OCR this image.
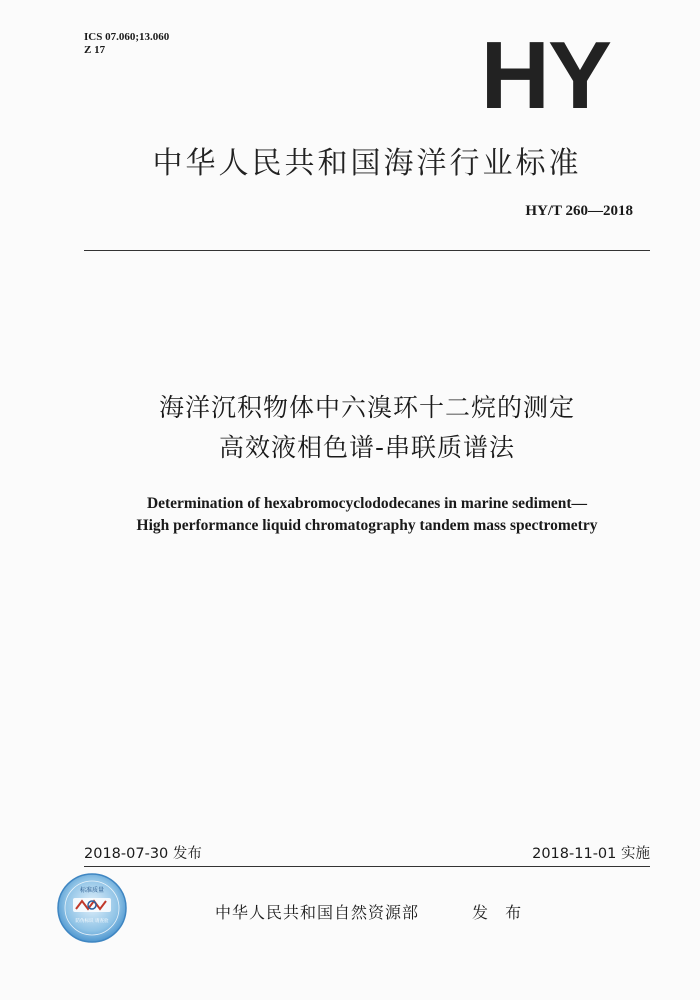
ICS 07.060;13.060
Z 17	HY
中华人民共和国海洋行业标准
HY/T 260—2018
海洋沉积物体中六溴环十二烷的测定
高效液相色谱-串联质谱法
Determination of hexabromocyclododecanes in marine sediment—
High performance liquid chromatography tandem mass spectrometry
2018-07-30 发布	2018-11-01 实施
标准质量
防伪标识 请查验	中华人民共和国自然资源部	发 布
